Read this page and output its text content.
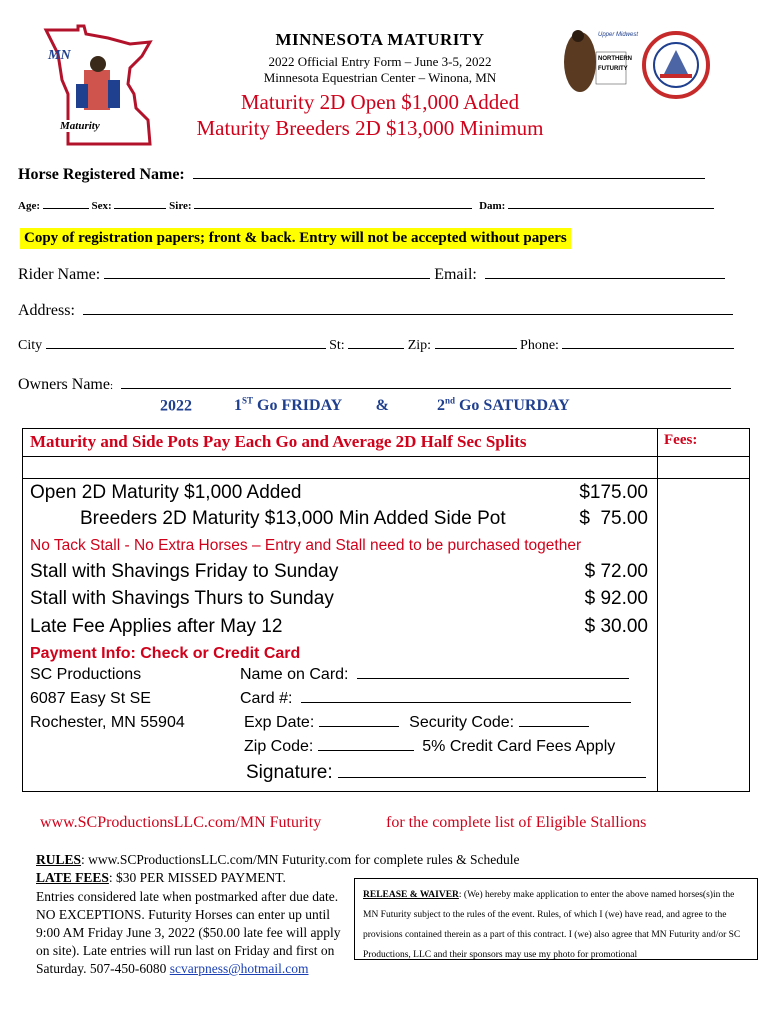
MN
Maturity
MINNESOTA MATURITY
2022 Official Entry Form – June 3-5, 2022
Minnesota Equestrian Center – Winona, MN
Maturity 2D Open $1,000 Added
Maturity Breeders 2D $13,000 Minimum
Upper Midwest
NORTHERN
FUTURITY
Horse Registered Name:
Age:	Sex:	Sire:	Dam:
Copy of registration papers; front & back. Entry will not be accepted without papers
Rider Name:	Email:
Address:
City	St:	Zip:	Phone:
Owners Name:
2022	1ST Go FRIDAY &	2nd Go SATURDAY
Maturity and Side Pots Pay Each Go and Average 2D Half Sec Splits	Fees:
Open 2D Maturity $1,000 Added	$175.00
Breeders 2D Maturity $13,000 Min Added Side Pot	$  75.00
No Tack Stall - No Extra Horses – Entry and Stall need to be purchased together
Stall with Shavings Friday to Sunday	$ 72.00
Stall with Shavings Thurs to Sunday	$ 92.00
Late Fee Applies after May 12	$ 30.00
Payment Info: Check or Credit Card
SC Productions
6087 Easy St SE
Rochester, MN 55904
Name on Card:
Card #:
Exp Date:	Security Code:
Zip Code:	5% Credit Card Fees Apply
Signature:
www.SCProductionsLLC.com/MN Futurity	for the complete list of Eligible Stallions
RULES: www.SCProductionsLLC.com/MN Futurity.com for complete rules & Schedule
LATE FEES: $30 PER MISSED PAYMENT.
Entries considered late when postmarked after due date. NO EXCEPTIONS. Futurity Horses can enter up until 9:00 AM Friday June 3, 2022 ($50.00 late fee will apply on site). Late entries will run last on Friday and first on Saturday. 507-450-6080 scvarpness@hotmail.com
RELEASE & WAIVER: (We) hereby make application to enter the above named horses(s)in the MN Futurity subject to the rules of the event. Rules, of which I (we) have read, and agree to the provisions contained therein as a part of this contract. I (we) also agree that MN Futurity and/or SC Productions, LLC and their sponsors may use my photo for promotional
